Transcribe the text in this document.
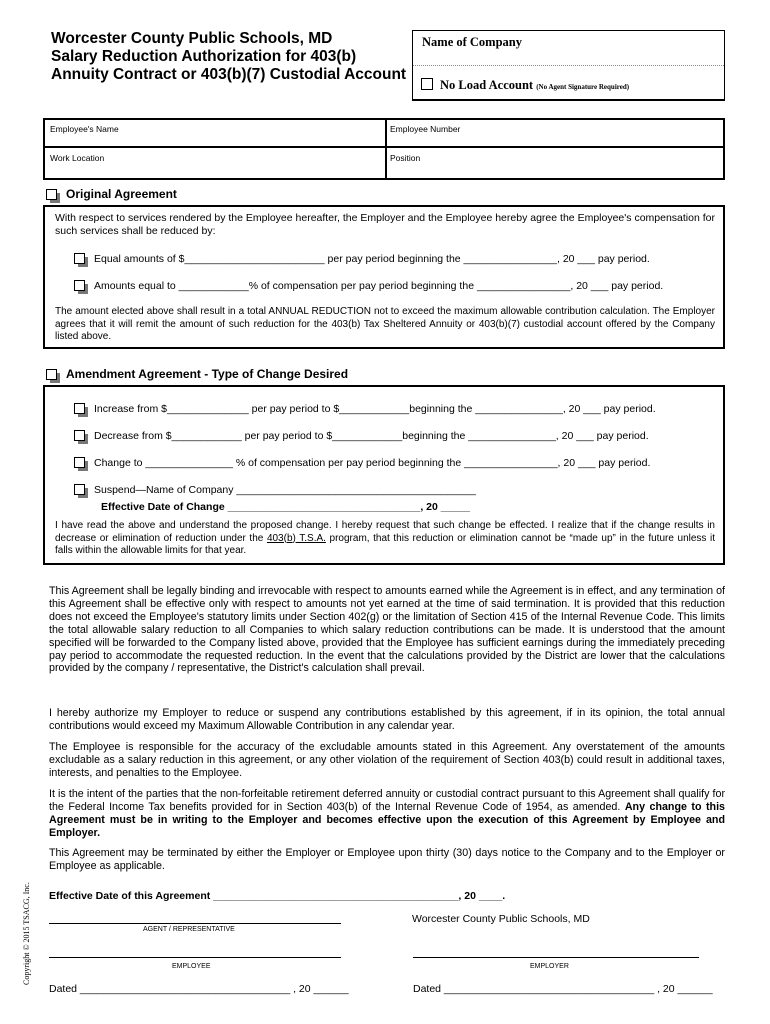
Worcester County Public Schools, MD
Salary Reduction Authorization for 403(b)
Annuity Contract or 403(b)(7) Custodial Account
Name of Company
No Load Account (No Agent Signature Required)
Employee's Name	Employee Number
Work Location	Position
Original Agreement
With respect to services rendered by the Employee hereafter, the Employer and the Employee hereby agree the Employee's compensation for such services shall be reduced by:
Equal amounts of $________________________ per pay period beginning the ________________, 20 ___ pay period.
Amounts equal to ____________% of compensation per pay period beginning the ________________, 20 ___ pay period.
The amount elected above shall result in a total ANNUAL REDUCTION not to exceed the maximum allowable contribution calculation. The Employer agrees that it will remit the amount of such reduction for the 403(b) Tax Sheltered Annuity or 403(b)(7) custodial account offered by the Company listed above.
Amendment Agreement - Type of Change Desired
Increase from $______________ per pay period to $____________beginning the _______________, 20 ___ pay period.
Decrease from $____________ per pay period to $____________beginning the _______________, 20 ___ pay period.
Change to _______________ % of compensation per pay period beginning the ________________, 20 ___ pay period.
Suspend—Name of Company _________________________________________
Effective Date of Change _________________________________, 20 _____
I have read the above and understand the proposed change. I hereby request that such change be effected. I realize that if the change results in decrease or elimination of reduction under the 403(b) T.S.A. program, that this reduction or elimination cannot be “made up” in the future unless it falls within the allowable limits for that year.
This Agreement shall be legally binding and irrevocable with respect to amounts earned while the Agreement is in effect, and any termination of this Agreement shall be effective only with respect to amounts not yet earned at the time of said termination. It is provided that this reduction does not exceed the Employee's statutory limits under Section 402(g) or the limitation of Section 415 of the Internal Revenue Code. This limits the total allowable salary reduction to all Companies to which salary reduction contributions can be made. It is understood that the amount specified will be forwarded to the Company listed above, provided that the Employee has sufficient earnings during the immediately preceding pay period to accommodate the requested reduction. In the event that the calculations provided by the District are lower that the calculations provided by the company / representative, the District's calculation shall prevail.
I hereby authorize my Employer to reduce or suspend any contributions established by this agreement, if in its opinion, the total annual contributions would exceed my Maximum Allowable Contribution in any calendar year.
The Employee is responsible for the accuracy of the excludable amounts stated in this Agreement. Any overstatement of the amounts excludable as a salary reduction in this agreement, or any other violation of the requirement of Section 403(b) could result in additional taxes, interests, and penalties to the Employee.
It is the intent of the parties that the non-forfeitable retirement deferred annuity or custodial contract pursuant to this Agreement shall qualify for the Federal Income Tax benefits provided for in Section 403(b) of the Internal Revenue Code of 1954, as amended. Any change to this Agreement must be in writing to the Employer and becomes effective upon the execution of this Agreement by Employee and Employer.
This Agreement may be terminated by either the Employer or Employee upon thirty (30) days notice to the Company and to the Employer or Employee as applicable.
Effective Date of this Agreement __________________________________________, 20 ____.
Worcester County Public Schools, MD
AGENT / REPRESENTATIVE
EMPLOYEE	EMPLOYER
Dated ____________________________________ , 20 ______	Dated ____________________________________ , 20 ______
Copyright © 2015 TSACG, Inc.
